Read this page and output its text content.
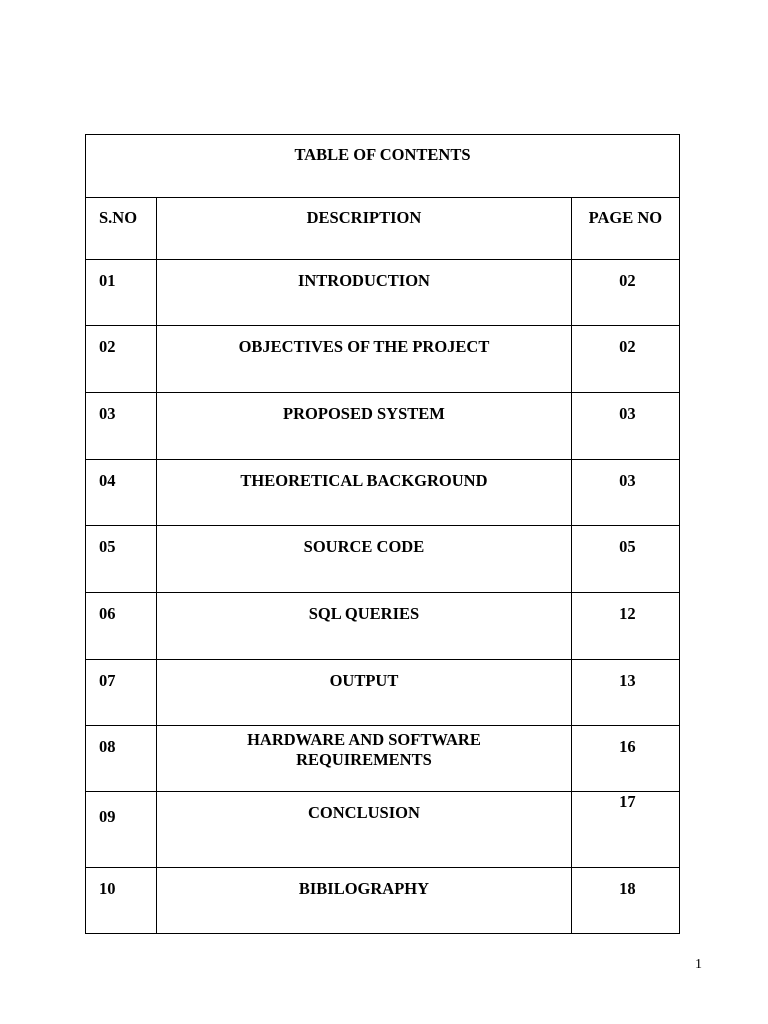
TABLE OF CONTENTS		

S.NO	DESCRIPTION	PAGE NO

01	INTRODUCTION	02

02	OBJECTIVES OF THE PROJECT	02

03	PROPOSED SYSTEM	03

04	THEORETICAL BACKGROUND	03

05	SOURCE CODE	05

06	SQL QUERIES	12

07	OUTPUT	13

08	HARDWARE AND SOFTWARE REQUIREMENTS	16

09	CONCLUSION	17

10	BIBILOGRAPHY	18
1
